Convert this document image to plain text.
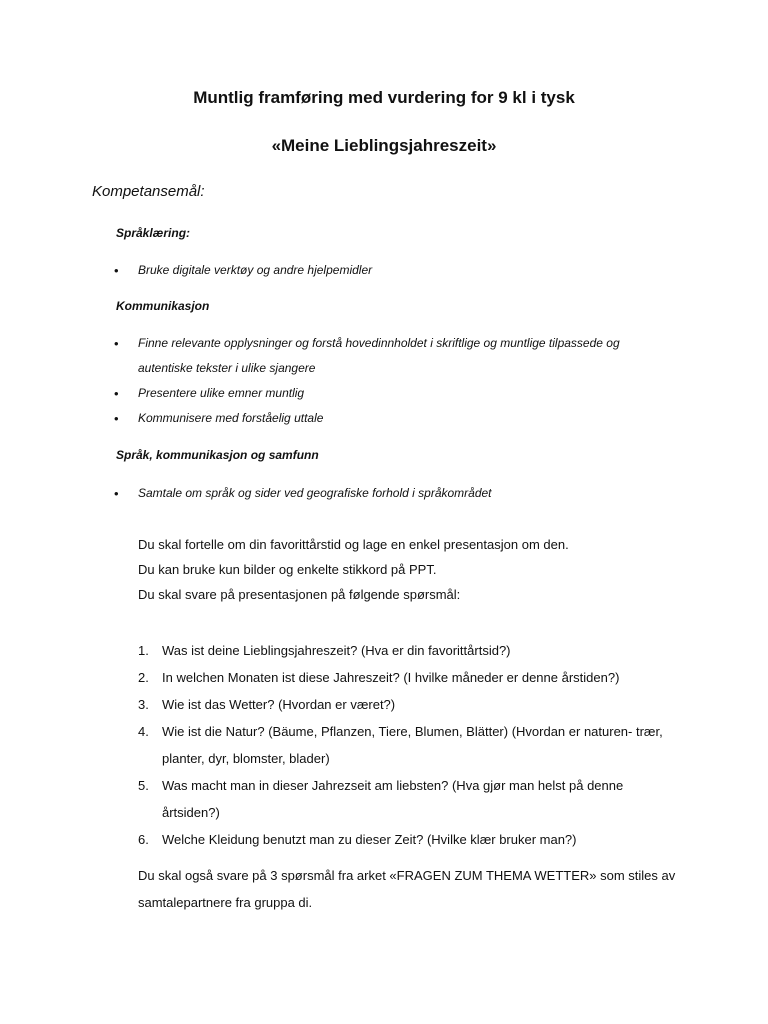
Muntlig framføring med vurdering for 9 kl i tysk
«Meine Lieblingsjahreszeit»
Kompetansemål:
Språklæring:
• Bruke digitale verktøy og andre hjelpemidler
Kommunikasjon
• Finne relevante opplysninger og forstå hovedinnholdet i skriftlige og muntlige tilpassede og autentiske tekster i ulike sjangere
• Presentere ulike emner muntlig
• Kommunisere med forståelig uttale
Språk, kommunikasjon og samfunn
• Samtale om språk og sider ved geografiske forhold i språkområdet
Du skal fortelle om din favorittårstid og lage en enkel presentasjon om den.
Du kan bruke kun bilder og enkelte stikkord på PPT.
Du skal svare på presentasjonen på følgende spørsmål:
1. Was ist deine Lieblingsjahreszeit? (Hva er din favorittårtsid?)
2. In welchen Monaten ist diese Jahreszeit? (I hvilke måneder er denne årstiden?)
3. Wie ist das Wetter? (Hvordan er været?)
4. Wie ist die Natur? (Bäume, Pflanzen, Tiere, Blumen, Blätter) (Hvordan er naturen- trær, planter, dyr, blomster, blader)
5. Was macht man in dieser Jahrezseit am liebsten? (Hva gjør man helst på denne årtsiden?)
6. Welche Kleidung benutzt man zu dieser Zeit? (Hvilke klær bruker man?)

Du skal også svare på 3 spørsmål fra arket «FRAGEN ZUM THEMA WETTER» som stiles av samtalepartnere fra gruppa di.
